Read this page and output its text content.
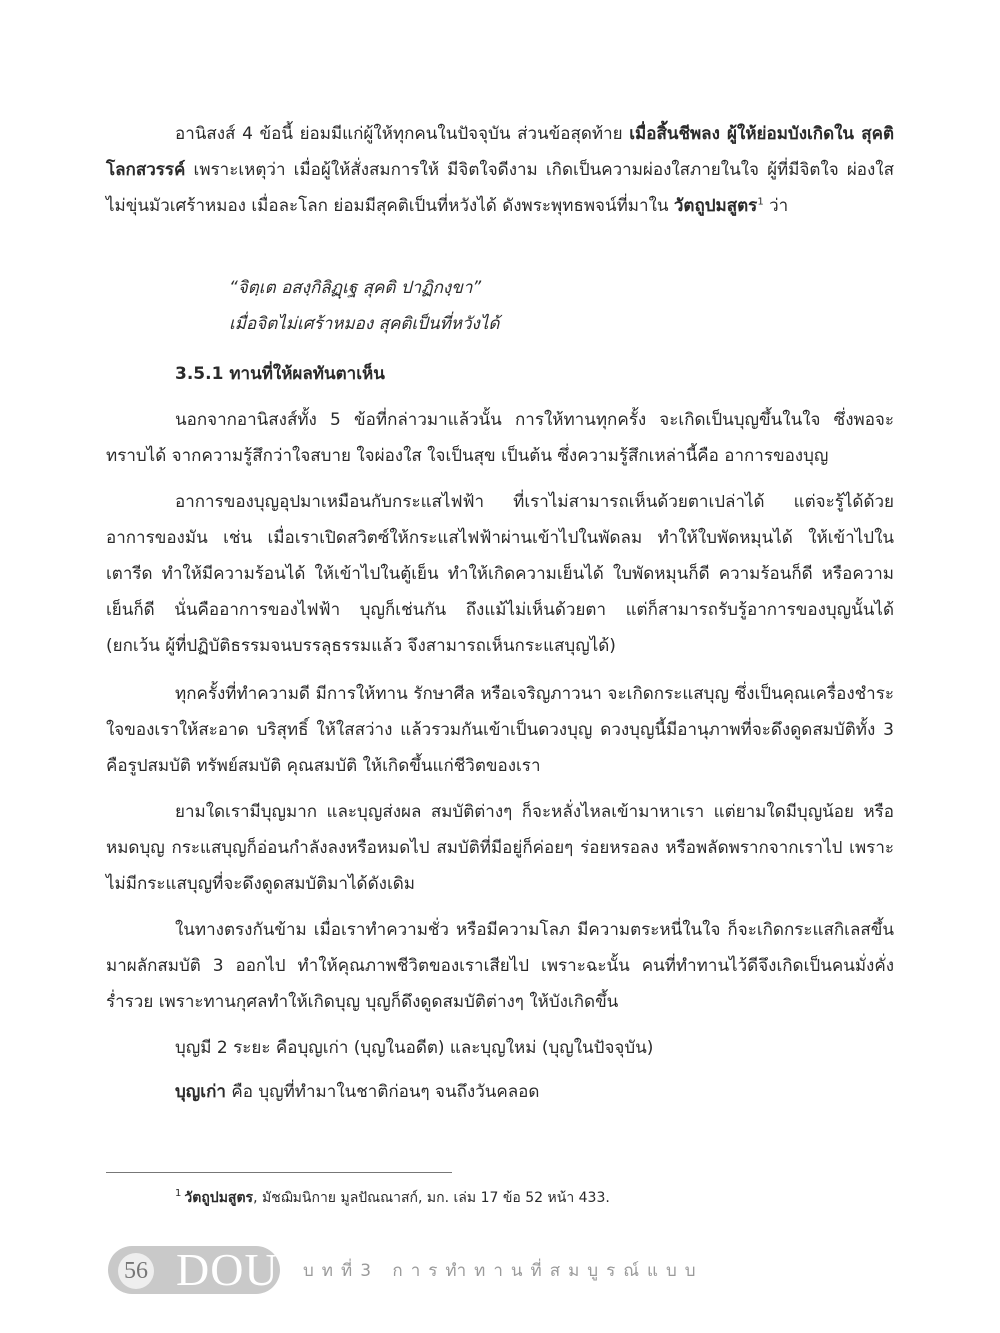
อานิสงส์ 4 ข้อนี้ ย่อมมีแก่ผู้ให้ทุกคนในปัจจุบัน ส่วนข้อสุดท้าย เมื่อสิ้นชีพลง ผู้ให้ย่อมบังเกิดใน สุคติโลกสวรรค์ เพราะเหตุว่า เมื่อผู้ให้สั่งสมการให้ มีจิตใจดีงาม เกิดเป็นความผ่องใสภายในใจ ผู้ที่มีจิตใจ ผ่องใส ไม่ขุ่นมัวเศร้าหมอง เมื่อละโลก ย่อมมีสุคติเป็นที่หวังได้ ดังพระพุทธพจน์ที่มาใน วัตถูปมสูตร$^1$ ว่า

“จิตฺเต อสงฺกิลิฏฺเฐ สุคติ ปาฏิกงฺขา”

เมื่อจิตไม่เศร้าหมอง สุคติเป็นที่หวังได้

3.5.1 ทานที่ให้ผลทันตาเห็น

นอกจากอานิสงส์ทั้ง 5 ข้อที่กล่าวมาแล้วนั้น การให้ทานทุกครั้ง จะเกิดเป็นบุญขึ้นในใจ ซึ่งพอจะทราบได้ จากความรู้สึกว่าใจสบาย ใจผ่องใส ใจเป็นสุข เป็นต้น ซึ่งความรู้สึกเหล่านี้คือ อาการของบุญ

อาการของบุญอุปมาเหมือนกับกระแสไฟฟ้า ที่เราไม่สามารถเห็นด้วยตาเปล่าได้ แต่จะรู้ได้ด้วยอาการของมัน เช่น เมื่อเราเปิดสวิตซ์ให้กระแสไฟฟ้าผ่านเข้าไปในพัดลม ทำให้ใบพัดหมุนได้ ให้เข้าไปในเตารีด ทำให้มีความร้อนได้ ให้เข้าไปในตู้เย็น ทำให้เกิดความเย็นได้ ใบพัดหมุนก็ดี ความร้อนก็ดี หรือความเย็นก็ดี นั่นคืออาการของไฟฟ้า บุญก็เช่นกัน ถึงแม้ไม่เห็นด้วยตา แต่ก็สามารถรับรู้อาการของบุญนั้นได้ (ยกเว้น ผู้ที่ปฏิบัติธรรมจนบรรลุธรรมแล้ว จึงสามารถเห็นกระแสบุญได้)

ทุกครั้งที่ทำความดี มีการให้ทาน รักษาศีล หรือเจริญภาวนา จะเกิดกระแสบุญ ซึ่งเป็นคุณเครื่องชำระใจของเราให้สะอาด บริสุทธิ์ ให้ใสสว่าง แล้วรวมกันเข้าเป็นดวงบุญ ดวงบุญนี้มีอานุภาพที่จะดึงดูดสมบัติทั้ง 3 คือรูปสมบัติ ทรัพย์สมบัติ คุณสมบัติ ให้เกิดขึ้นแก่ชีวิตของเรา

ยามใดเรามีบุญมาก และบุญส่งผล สมบัติต่างๆ ก็จะหลั่งไหลเข้ามาหาเรา แต่ยามใดมีบุญน้อย หรือหมดบุญ กระแสบุญก็อ่อนกำลังลงหรือหมดไป สมบัติที่มีอยู่ก็ค่อยๆ ร่อยหรอลง หรือพลัดพรากจากเราไป เพราะไม่มีกระแสบุญที่จะดึงดูดสมบัติมาได้ดังเดิม

ในทางตรงกันข้าม เมื่อเราทำความชั่ว หรือมีความโลภ มีความตระหนี่ในใจ ก็จะเกิดกระแสกิเลสขึ้นมาผลักสมบัติ 3 ออกไป ทำให้คุณภาพชีวิตของเราเสียไป เพราะฉะนั้น คนที่ทำทานไว้ดีจึงเกิดเป็นคนมั่งคั่งร่ำรวย เพราะทานกุศลทำให้เกิดบุญ บุญก็ดึงดูดสมบัติต่างๆ ให้บังเกิดขึ้น

บุญมี 2 ระยะ คือบุญเก่า (บุญในอดีต) และบุญใหม่ (บุญในปัจจุบัน)

บุญเก่า คือ บุญที่ทำมาในชาติก่อนๆ จนถึงวันคลอด

$^1$ วัตถูปมสูตร, มัชฌิมนิกาย มูลปัณณาสก์, มก. เล่ม 17 ข้อ 52 หน้า 433.

56 DOU บทที่3 การทำทานที่สมบูรณ์แบบ
